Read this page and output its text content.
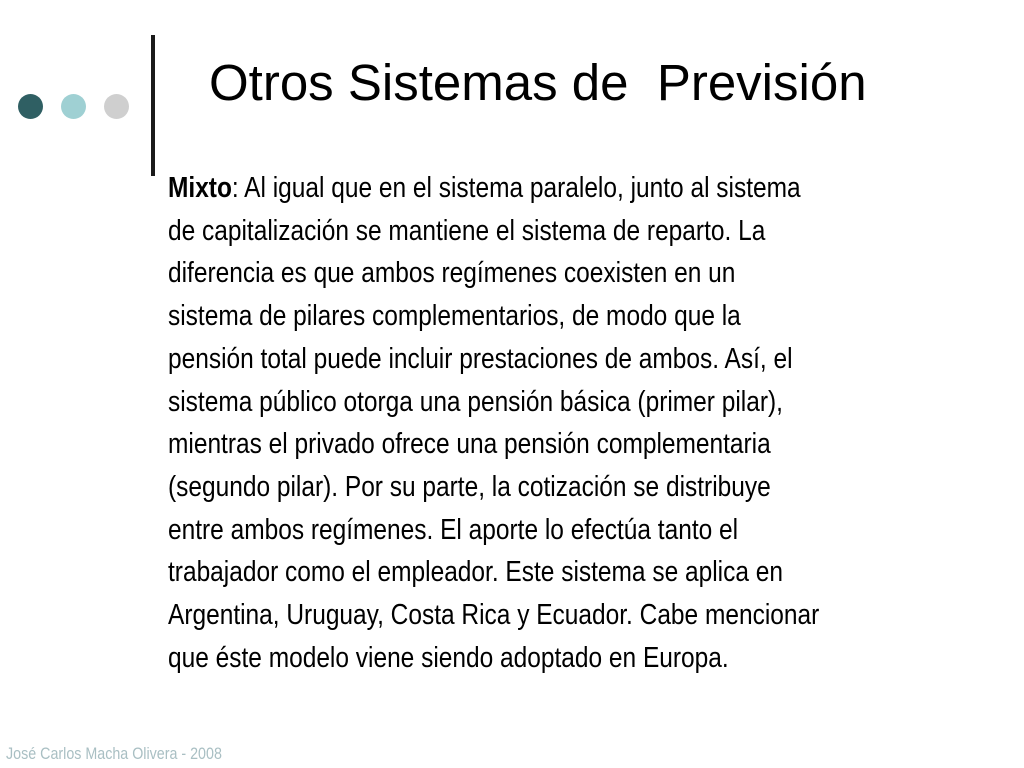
Otros Sistemas de  Previsión
Mixto: Al igual que en el sistema paralelo, junto al sistema
de capitalización se mantiene el sistema de reparto. La
diferencia es que ambos regímenes coexisten en un
sistema de pilares complementarios, de modo que la
pensión total puede incluir prestaciones de ambos. Así, el
sistema público otorga una pensión básica (primer pilar),
mientras el privado ofrece una pensión complementaria
(segundo pilar). Por su parte, la cotización se distribuye
entre ambos regímenes. El aporte lo efectúa tanto el
trabajador como el empleador. Este sistema se aplica en
Argentina, Uruguay, Costa Rica y Ecuador. Cabe mencionar
que éste modelo viene siendo adoptado en Europa.

José Carlos Macha Olivera - 2008
